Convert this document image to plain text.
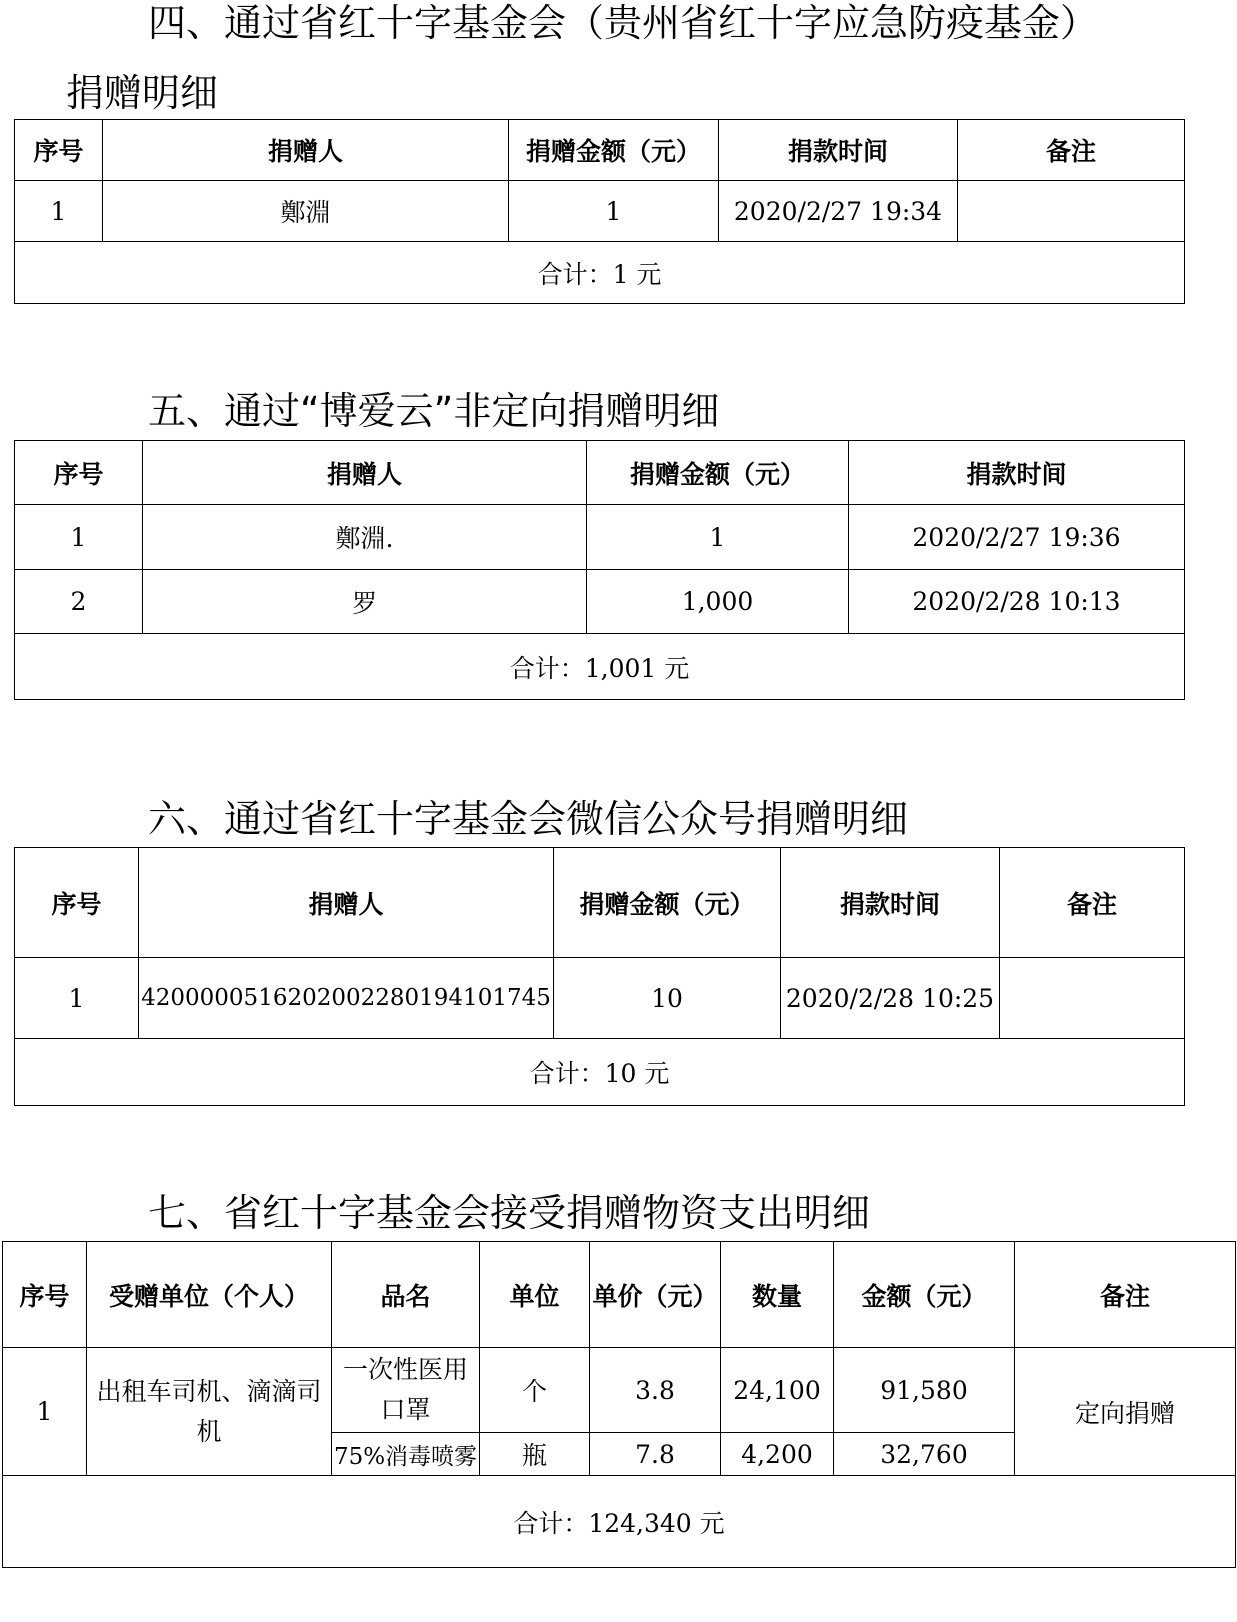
四、通过省红十字基金会（贵州省红十字应急防疫基金）
捐赠明细
序号	捐赠人	捐赠金额（元）	捐款时间	备注
1	鄭淵	1	2020/2/27 19:34	
合计：1 元				
五、通过“博爱云”非定向捐赠明细
序号	捐赠人	捐赠金额（元）	捐款时间
1	鄭淵.	1	2020/2/27 19:36
2	罗	1,000	2020/2/28 10:13
合计：1,001 元			
六、通过省红十字基金会微信公众号捐赠明细
序号	捐赠人	捐赠金额（元）	捐款时间	备注
1	4200000516202002280194101745	10	2020/2/28 10:25	
合计：10 元				
七、省红十字基金会接受捐赠物资支出明细
序号	受赠单位（个人）	品名	单位	单价（元）	数量	金额（元）	备注
1	出租车司机、滴滴司机	一次性医用口罩	个	3.8	24,100	91,580	定向捐赠
		75%消毒喷雾	瓶	7.8	4,200	32,760	
合计：124,340 元							
